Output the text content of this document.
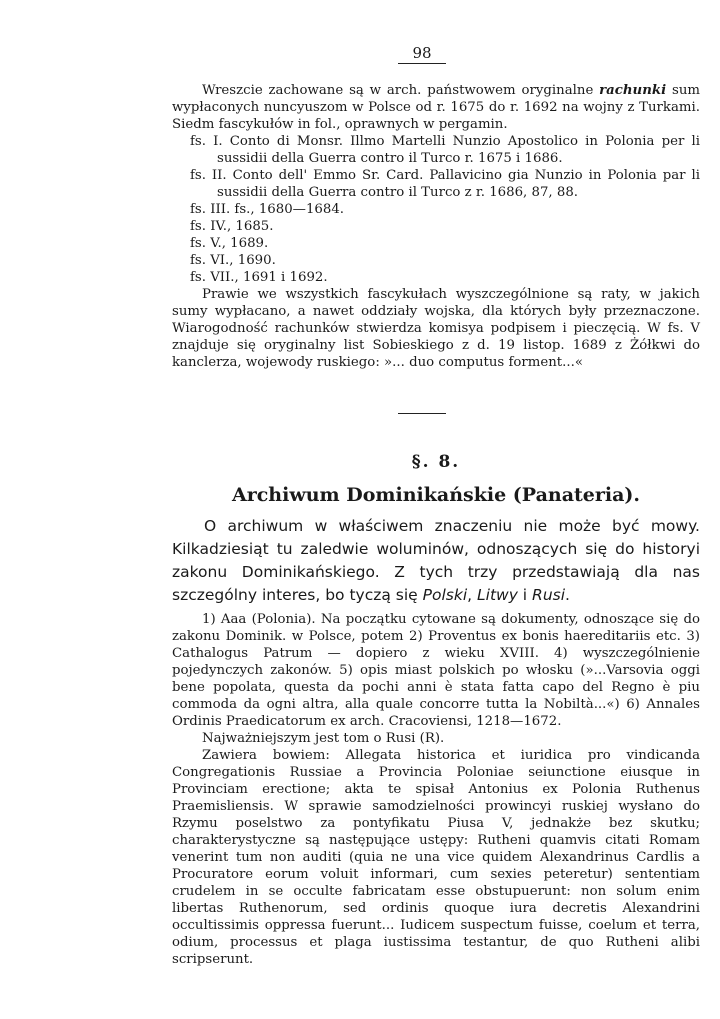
98

Wreszcie zachowane są w arch. państwowem oryginalne rachunki sum wypłaconych nuncyuszom w Polsce od r. 1675 do r. 1692 na wojny z Turkami. Siedm fascykułów in fol., oprawnych w pergamin.

fs. I. Conto di Monsr. Illmo Martelli Nunzio Apostolico in Polonia per li sussidii della Guerra contro il Turco r. 1675 i 1686.

fs. II. Conto dell' Emmo Sr. Card. Pallavicino gia Nunzio in Polonia par li sussidii della Guerra contro il Turco z r. 1686, 87, 88.

fs. III. fs., 1680—1684.

fs. IV., 1685.

fs. V., 1689.

fs. VI., 1690.

fs. VII., 1691 i 1692.

Prawie we wszystkich fascykułach wyszczególnione są raty, w jakich sumy wypłacano, a nawet oddziały wojska, dla których były przeznaczone. Wiarogodność rachunków stwierdza komisya podpisem i pieczęcią. W fs. V znajduje się oryginalny list Sobieskiego z d. 19 listop. 1689 z Żółkwi do kanclerza, wojewody ruskiego: »... duo computus forment...«

§. 8.
Archiwum Dominikańskie (Panateria).

O archiwum w właściwem znaczeniu nie może być mowy. Kilkadziesiąt tu zaledwie woluminów, odnoszących się do historyi zakonu Dominikańskiego. Z tych trzy przedstawiają dla nas szczególny interes, bo tyczą się Polski, Litwy i Rusi.

1) Aaa (Polonia). Na początku cytowane są dokumenty, odnoszące się do zakonu Dominik. w Polsce, potem 2) Proventus ex bonis haereditariis etc. 3) Cathalogus Patrum — dopiero z wieku XVIII. 4) wyszczególnienie pojedynczych zakonów. 5) opis miast polskich po włosku (»...Varsovia oggi bene popolata, questa da pochi anni è stata fatta capo del Regno è piu commoda da ogni altra, alla quale concorre tutta la Nobiltà...«) 6) Annales Ordinis Praedicatorum ex arch. Cracoviensi, 1218—1672.

Najważniejszym jest tom o Rusi (R).

Zawiera bowiem: Allegata historica et iuridica pro vindicanda Congregationis Russiae a Provincia Poloniae seiunctione eiusque in Provinciam erectione; akta te spisał Antonius ex Polonia Ruthenus Praemisliensis. W sprawie samodzielności prowincyi ruskiej wysłano do Rzymu poselstwo za pontyfikatu Piusa V, jednakże bez skutku; charakterystyczne są następujące ustępy: Rutheni quamvis citati Romam venerint tum non auditi (quia ne una vice quidem Alexandrinus Cardlis a Procuratore eorum voluit informari, cum sexies peteretur) sententiam crudelem in se occulte fabricatam esse obstupuerunt: non solum enim libertas Ruthenorum, sed ordinis quoque iura decretis Alexandrini occultissimis oppressa fuerunt... Iudicem suspectum fuisse, coelum et terra, odium, processus et plaga iustissima testantur, de quo Rutheni alibi scripserunt.
